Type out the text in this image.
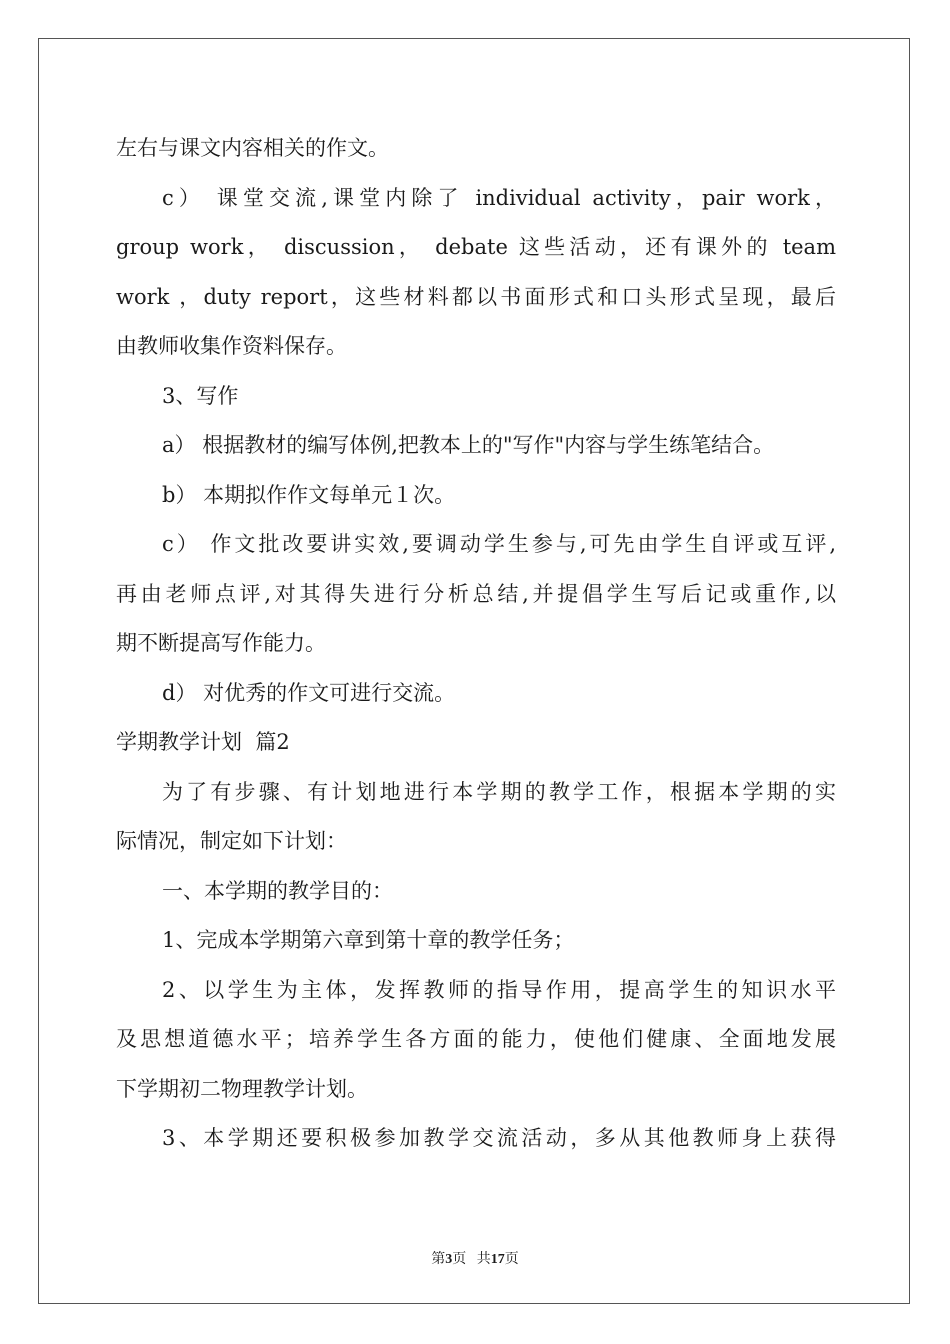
左右与课文内容相关的作文。
c） 课堂交流,课堂内除了 individual activity，pair work，
group work， discussion， debate 这些活动，还有课外的 team
work ，duty report，这些材料都以书面形式和口头形式呈现，最后
由教师收集作资料保存。
3、写作
a） 根据教材的编写体例,把教本上的"写作"内容与学生练笔结合。
b） 本期拟作作文每单元１次。
c） 作文批改要讲实效,要调动学生参与,可先由学生自评或互评,
再由老师点评,对其得失进行分析总结,并提倡学生写后记或重作,以
期不断提高写作能力。
d） 对优秀的作文可进行交流。
学期教学计划  篇2
为了有步骤、有计划地进行本学期的教学工作，根据本学期的实
际情况，制定如下计划：
一、本学期的教学目的：
1、完成本学期第六章到第十章的教学任务；
2、以学生为主体，发挥教师的指导作用，提高学生的知识水平
及思想道德水平；培养学生各方面的能力，使他们健康、全面地发展
下学期初二物理教学计划。
3、本学期还要积极参加教学交流活动，多从其他教师身上获得
第3页   共17页
